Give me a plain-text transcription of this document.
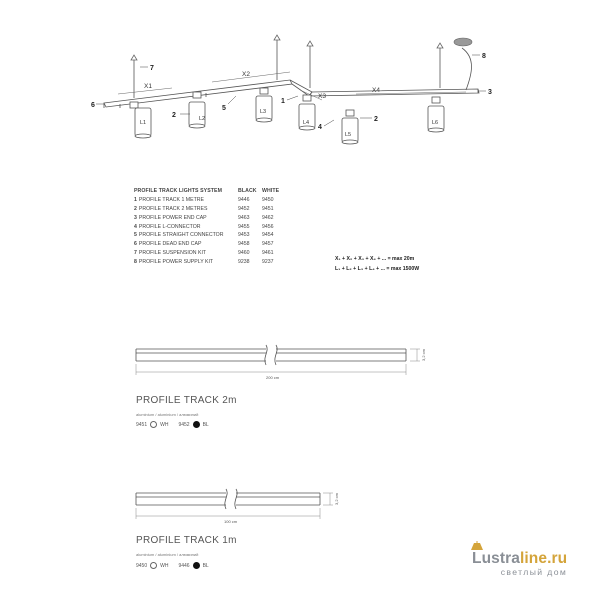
7
6
2
5
1
4
2
3
8
X1
X2
X3
X4
L1
L2
L3
L4
L5
L6
PROFILE TRACK LIGHTS SYSTEM	BLACK WHITE
1 PROFILE TRACK 1 METRE	9446 9450
2 PROFILE TRACK 2 METRES	9452 9451
3 PROFILE POWER END CAP	9463 9462
4 PROFILE L-CONNECTOR	9455 9456
5 PROFILE STRAIGHT CONNECTOR	9453 9454
6 PROFILE DEAD END CAP	9458 9457
7 PROFILE SUSPENSION KIT	9460 9461
8 PROFILE POWER SUPPLY KIT	9238 9237
X₁ + X₂ + X₃ + X₄ + ... = max 20m
L₁ + L₂ + L₃ + L₄ + ... = max 1500W
200 cm
3,2 cm
PROFILE TRACK 2m
aluminium / aluminium / алюминий
9451	WH 9452	BL
100 cm
3,2 cm
PROFILE TRACK 1m
aluminium / aluminium / алюминий
9450	WH 9446	BL	Lustraline.ru
светлый дом
